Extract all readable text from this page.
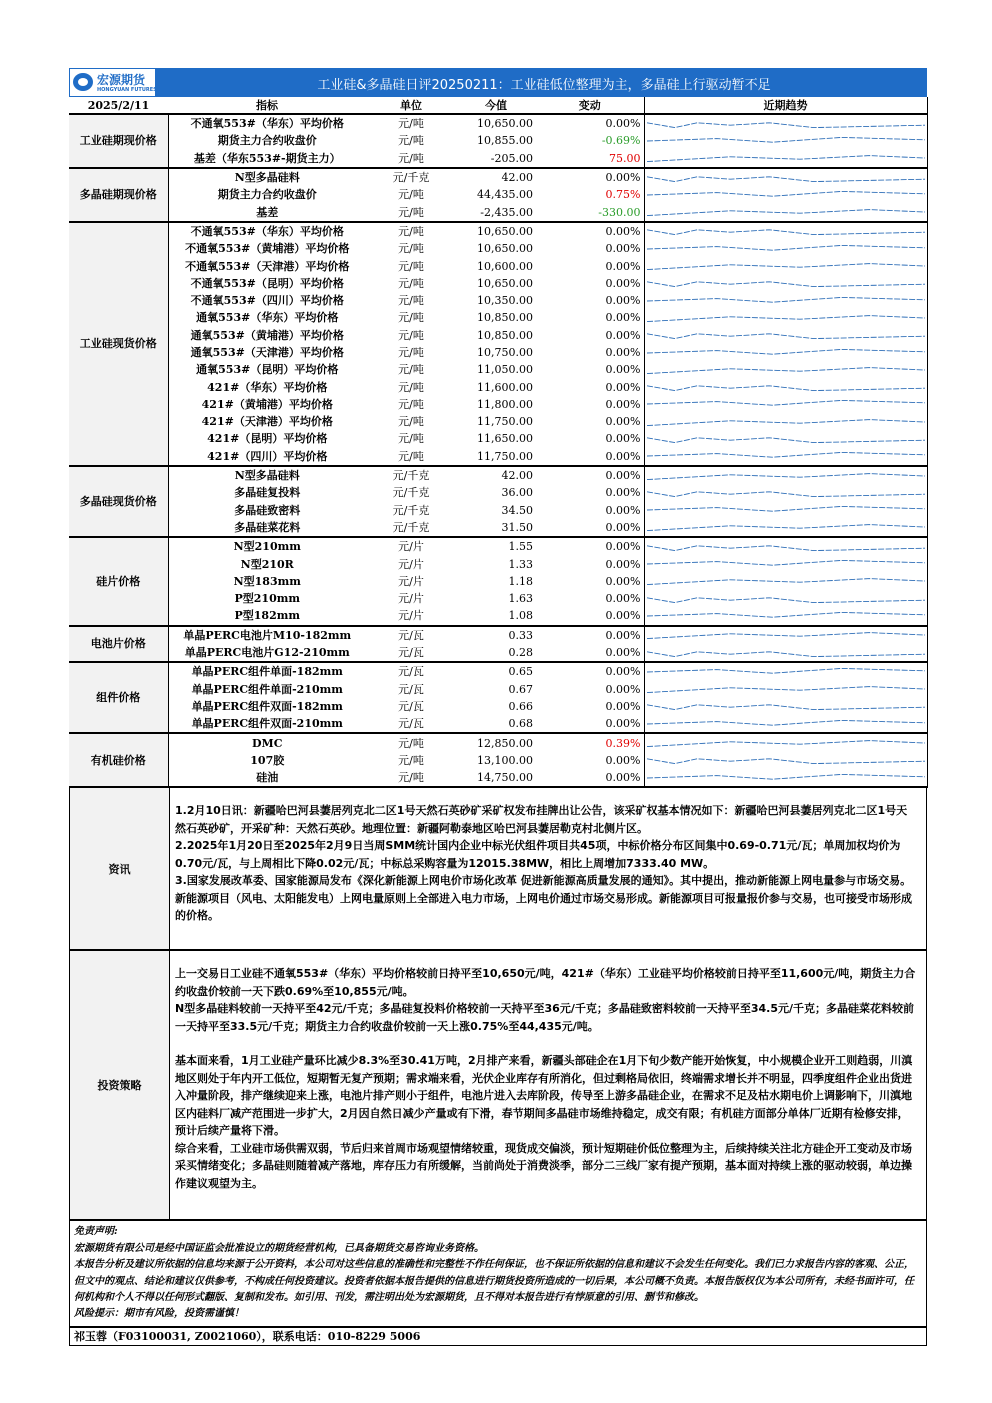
宏源期货
HONGYUAN FUTURES	工业硅&多晶硅日评20250211：工业硅低位整理为主，多晶硅上行驱动暂不足
2025/2/11	指标	单位	今值	变动	近期趋势
工业硅期现价格	不通氧553#（华东）平均价格	元/吨	10,650.00	0.00%	

	期货主力合约收盘价	元/吨	10,855.00	-0.69%	

	基差（华东553#-期货主力）	元/吨	-205.00	75.00	

多晶硅期现价格	N型多晶硅料	元/千克	42.00	0.00%	

	期货主力合约收盘价	元/吨	44,435.00	0.75%	

	基差	元/吨	-2,435.00	-330.00	

工业硅现货价格	不通氧553#（华东）平均价格	元/吨	10,650.00	0.00%	

	不通氧553#（黄埔港）平均价格	元/吨	10,650.00	0.00%	

	不通氧553#（天津港）平均价格	元/吨	10,600.00	0.00%	

	不通氧553#（昆明）平均价格	元/吨	10,650.00	0.00%	

	不通氧553#（四川）平均价格	元/吨	10,350.00	0.00%	

	通氧553#（华东）平均价格	元/吨	10,850.00	0.00%	

	通氧553#（黄埔港）平均价格	元/吨	10,850.00	0.00%	

	通氧553#（天津港）平均价格	元/吨	10,750.00	0.00%	

	通氧553#（昆明）平均价格	元/吨	11,050.00	0.00%	

	421#（华东）平均价格	元/吨	11,600.00	0.00%	

	421#（黄埔港）平均价格	元/吨	11,800.00	0.00%	

	421#（天津港）平均价格	元/吨	11,750.00	0.00%	

	421#（昆明）平均价格	元/吨	11,650.00	0.00%	

	421#（四川）平均价格	元/吨	11,750.00	0.00%	

多晶硅现货价格	N型多晶硅料	元/千克	42.00	0.00%	

	多晶硅复投料	元/千克	36.00	0.00%	

	多晶硅致密料	元/千克	34.50	0.00%	

	多晶硅菜花料	元/千克	31.50	0.00%	

硅片价格	N型210mm	元/片	1.55	0.00%	

	N型210R	元/片	1.33	0.00%	

	N型183mm	元/片	1.18	0.00%	

	P型210mm	元/片	1.63	0.00%	

	P型182mm	元/片	1.08	0.00%	

电池片价格	单晶PERC电池片M10-182mm	元/瓦	0.33	0.00%	

	单晶PERC电池片G12-210mm	元/瓦	0.28	0.00%	

组件价格	单晶PERC组件单面-182mm	元/瓦	0.65	0.00%	

	单晶PERC组件单面-210mm	元/瓦	0.67	0.00%	

	单晶PERC组件双面-182mm	元/瓦	0.66	0.00%	

	单晶PERC组件双面-210mm	元/瓦	0.68	0.00%	

有机硅价格	DMC	元/吨	12,850.00	0.39%	

	107胶	元/吨	13,100.00	0.00%	

	硅油	元/吨	14,750.00	0.00%	
资讯

1.2月10日讯：新疆哈巴河县萋居列克北二区1号天然石英砂矿采矿权发布挂牌出让公告，该采矿权基本情况如下：新疆哈巴河县萋居列克北二区1号天然石英砂矿，开采矿种：天然石英砂。地理位置：新疆阿勒泰地区哈巴河县萋居勒克村北侧片区。

2.2025年1月20日至2025年2月9日当周SMM统计国内企业中标光伏组件项目共45项，中标价格分布区间集中0.69-0.71元/瓦；单周加权均价为0.70元/瓦，与上周相比下降0.02元/瓦；中标总采购容量为12015.38MW，相比上周增加7333.40 MW。

3.国家发展改革委、国家能源局发布《深化新能源上网电价市场化改革 促进新能源高质量发展的通知》。其中提出，推动新能源上网电量参与市场交易。新能源项目（风电、太阳能发电）上网电量原则上全部进入电力市场，上网电价通过市场交易形成。新能源项目可报量报价参与交易，也可接受市场形成的价格。

投资策略

上一交易日工业硅不通氧553#（华东）平均价格较前日持平至10,650元/吨，421#（华东）工业硅平均价格较前日持平至11,600元/吨，期货主力合约收盘价较前一天下跌0.69%至10,855元/吨。

N型多晶硅料较前一天持平至42元/千克；多晶硅复投料价格较前一天持平至36元/千克；多晶硅致密料较前一天持平至34.5元/千克；多晶硅菜花料较前一天持平至33.5元/千克；期货主力合约收盘价较前一天上涨0.75%至44,435元/吨。

基本面来看，1月工业硅产量环比减少8.3%至30.41万吨，2月排产来看，新疆头部硅企在1月下旬少数产能开始恢复，中小规模企业开工则趋弱，川滇地区则处于年内开工低位，短期暂无复产预期；需求端来看，光伏企业库存有所消化，但过剩格局依旧，终端需求增长并不明显，四季度组件企业出货进入冲量阶段，排产继续迎来上涨，电池片排产则小于组件，电池片进入去库阶段，传导至上游多晶硅企业，在需求不足及枯水期电价上调影响下，川滇地区内硅料厂减产范围进一步扩大，2月因自然日减少产量或有下滑，春节期间多晶硅市场维持稳定，成交有限；有机硅方面部分单体厂近期有检修安排，预计后续产量将下滑。

综合来看，工业硅市场供需双弱，节后归来首周市场观望情绪较重，现货成交偏淡，预计短期硅价低位整理为主，后续持续关注北方硅企开工变动及市场采买情绪变化；多晶硅则随着减产落地，库存压力有所缓解，当前尚处于消费淡季，部分二三线厂家有提产预期，基本面对持续上涨的驱动较弱，单边操作建议观望为主。

免责声明:

宏源期货有限公司是经中国证监会批准设立的期货经营机构，已具备期货交易咨询业务资格。

本报告分析及建议所依据的信息均来源于公开资料，本公司对这些信息的准确性和完整性不作任何保证，也不保证所依据的信息和建议不会发生任何变化。我们已力求报告内容的客观、公正，但文中的观点、结论和建议仅供参考，不构成任何投资建议。投资者依据本报告提供的信息进行期货投资所造成的一切后果，本公司概不负责。本报告版权仅为本公司所有，未经书面许可，任何机构和个人不得以任何形式翻版、复制和发布。如引用、刊发，需注明出处为宏源期货，且不得对本报告进行有悖原意的引用、删节和修改。

风险提示：期市有风险，投资需谨慎！

祁玉蓉（F03100031, Z0021060），联系电话：010-8229 5006
